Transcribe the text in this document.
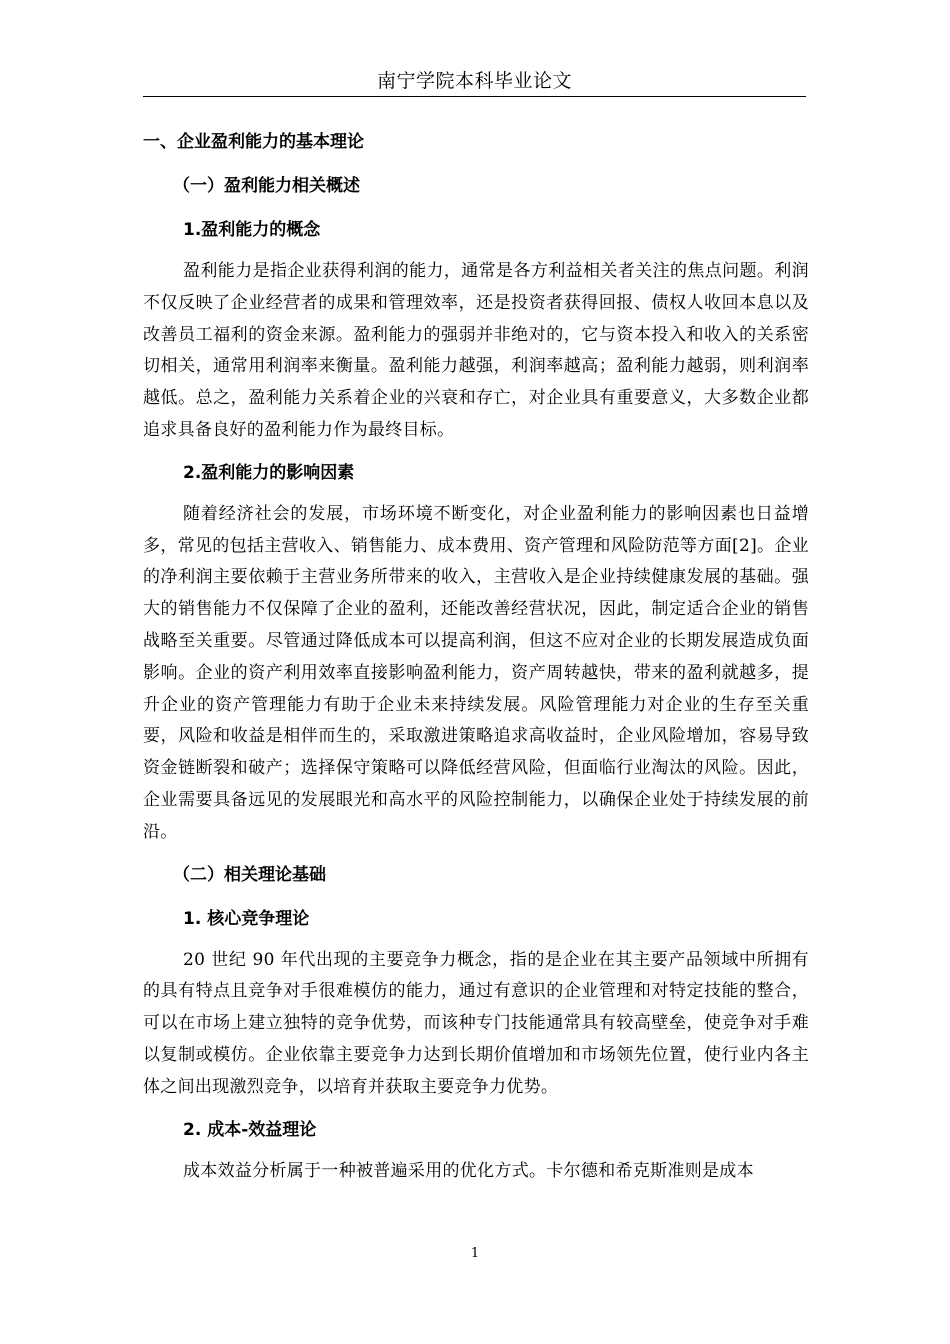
南宁学院本科毕业论文
一、企业盈利能力的基本理论
（一）盈利能力相关概述
1.盈利能力的概念

盈利能力是指企业获得利润的能力，通常是各方利益相关者关注的焦点问题。利润不仅反映了企业经营者的成果和管理效率，还是投资者获得回报、债权人收回本息以及改善员工福利的资金来源。盈利能力的强弱并非绝对的，它与资本投入和收入的关系密切相关，通常用利润率来衡量。盈利能力越强，利润率越高；盈利能力越弱，则利润率越低。总之，盈利能力关系着企业的兴衰和存亡，对企业具有重要意义，大多数企业都追求具备良好的盈利能力作为最终目标。

2.盈利能力的影响因素

随着经济社会的发展，市场环境不断变化，对企业盈利能力的影响因素也日益增多，常见的包括主营收入、销售能力、成本费用、资产管理和风险防范等方面[2]。企业的净利润主要依赖于主营业务所带来的收入，主营收入是企业持续健康发展的基础。强大的销售能力不仅保障了企业的盈利，还能改善经营状况，因此，制定适合企业的销售战略至关重要。尽管通过降低成本可以提高利润，但这不应对企业的长期发展造成负面影响。企业的资产利用效率直接影响盈利能力，资产周转越快，带来的盈利就越多，提升企业的资产管理能力有助于企业未来持续发展。风险管理能力对企业的生存至关重要，风险和收益是相伴而生的，采取激进策略追求高收益时，企业风险增加，容易导致资金链断裂和破产；选择保守策略可以降低经营风险，但面临行业淘汰的风险。因此，企业需要具备远见的发展眼光和高水平的风险控制能力，以确保企业处于持续发展的前沿。

（二）相关理论基础
1. 核心竞争理论

20 世纪 90 年代出现的主要竞争力概念，指的是企业在其主要产品领域中所拥有的具有特点且竞争对手很难模仿的能力，通过有意识的企业管理和对特定技能的整合，可以在市场上建立独特的竞争优势，而该种专门技能通常具有较高壁垒，使竞争对手难以复制或模仿。企业依靠主要竞争力达到长期价值增加和市场领先位置，使行业内各主体之间出现激烈竞争，以培育并获取主要竞争力优势。

2. 成本-效益理论

成本效益分析属于一种被普遍采用的优化方式。卡尔德和希克斯准则是成本

1
